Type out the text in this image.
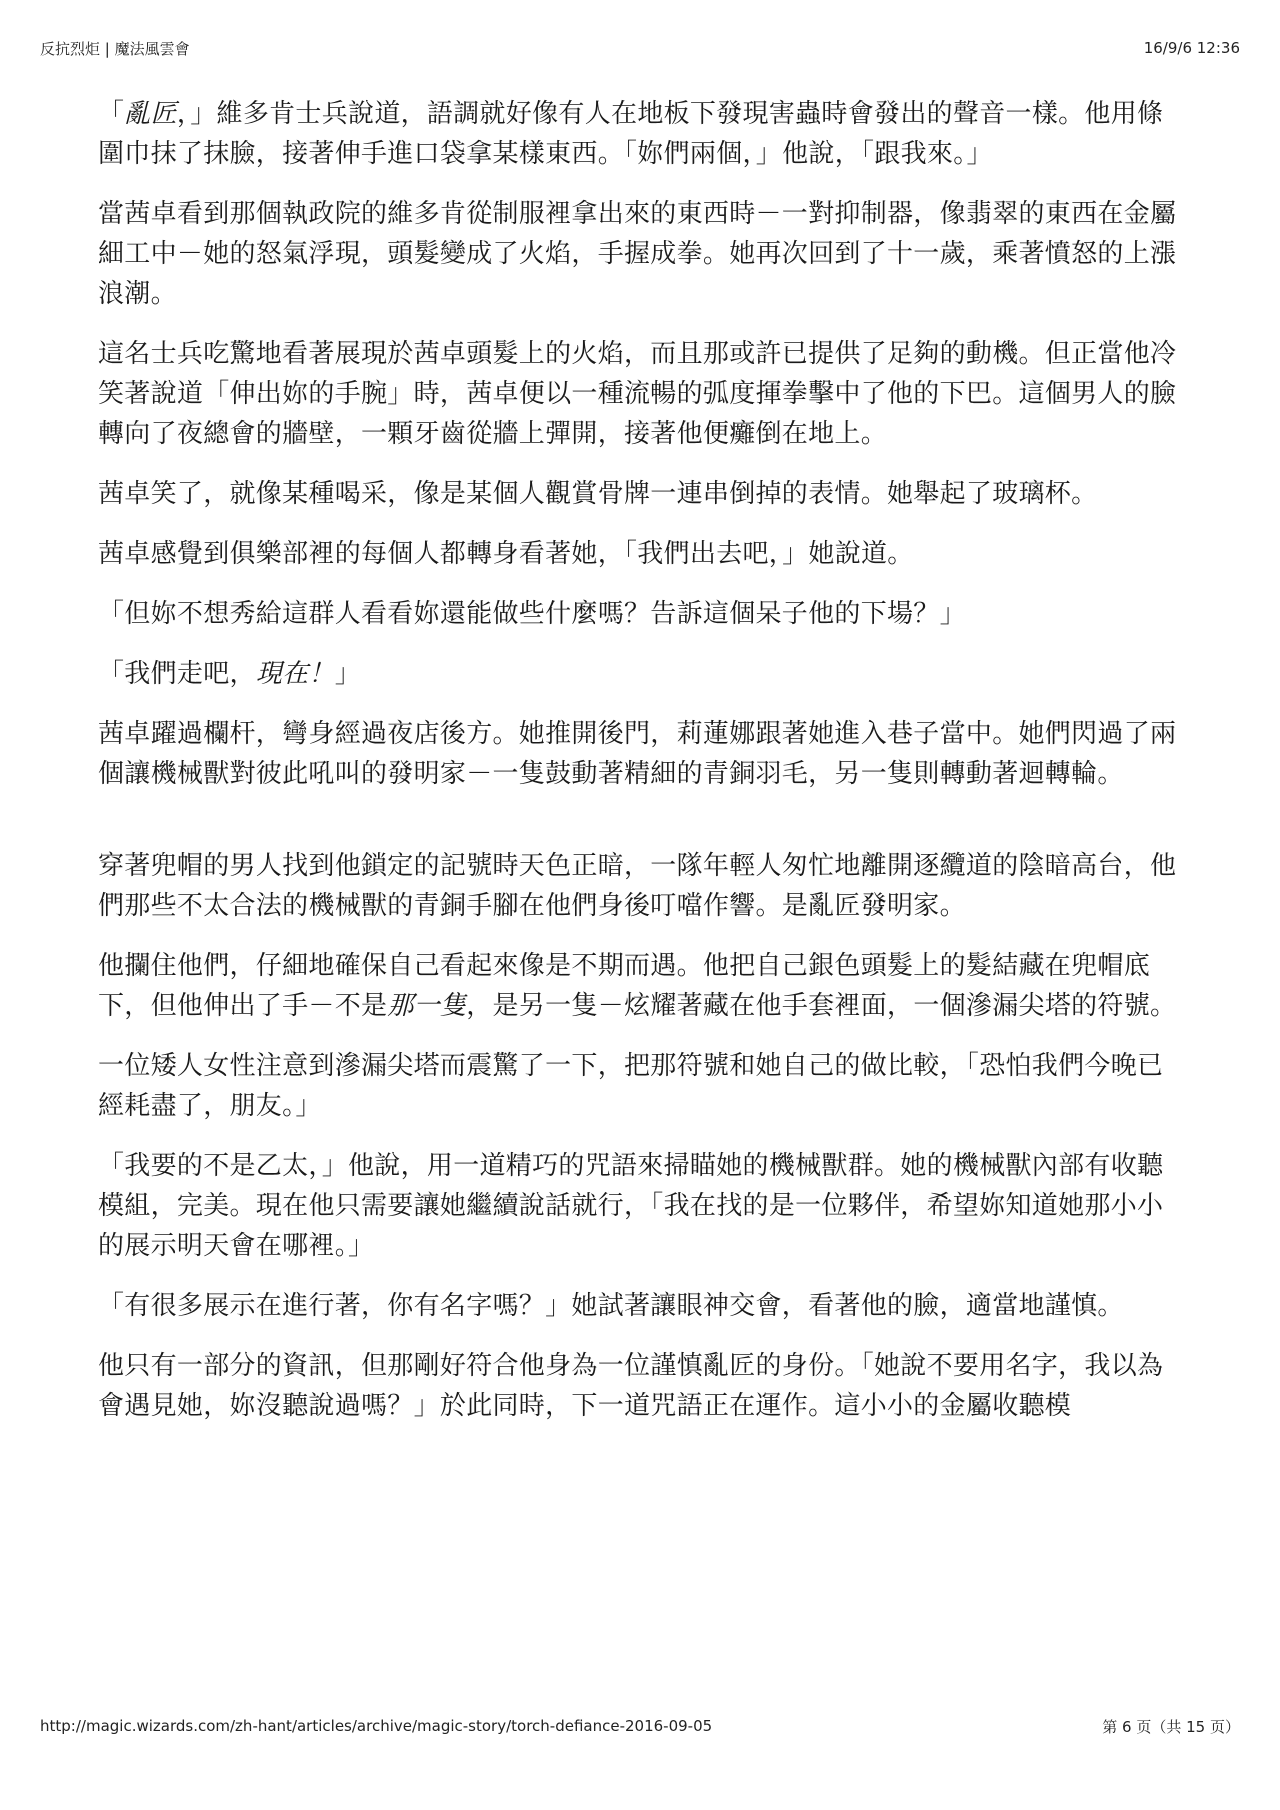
反抗烈炬 | 魔法風雲會	16/9/6 12:36

「亂匠，」維多肯士兵說道，語調就好像有人在地板下發現害蟲時會發出的聲音一樣。他用條圍巾抹了抹臉，接著伸手進口袋拿某樣東西。「妳們兩個，」他說，「跟我來。」

當茜卓看到那個執政院的維多肯從制服裡拿出來的東西時－一對抑制器，像翡翠的東西在金屬細工中－她的怒氣浮現，頭髮變成了火焰，手握成拳。她再次回到了十一歲，乘著憤怒的上漲浪潮。

這名士兵吃驚地看著展現於茜卓頭髮上的火焰，而且那或許已提供了足夠的動機。但正當他冷笑著說道「伸出妳的手腕」時，茜卓便以一種流暢的弧度揮拳擊中了他的下巴。這個男人的臉轉向了夜總會的牆壁，一顆牙齒從牆上彈開，接著他便癱倒在地上。

茜卓笑了，就像某種喝采，像是某個人觀賞骨牌一連串倒掉的表情。她舉起了玻璃杯。

茜卓感覺到俱樂部裡的每個人都轉身看著她，「我們出去吧，」她說道。

「但妳不想秀給這群人看看妳還能做些什麼嗎？告訴這個呆子他的下場？」

「我們走吧，現在！」

茜卓躍過欄杆，彎身經過夜店後方。她推開後門，莉蓮娜跟著她進入巷子當中。她們閃過了兩個讓機械獸對彼此吼叫的發明家－一隻鼓動著精細的青銅羽毛，另一隻則轉動著迴轉輪。

穿著兜帽的男人找到他鎖定的記號時天色正暗，一隊年輕人匆忙地離開逐纜道的陰暗高台，他們那些不太合法的機械獸的青銅手腳在他們身後叮噹作響。是亂匠發明家。

他攔住他們，仔細地確保自己看起來像是不期而遇。他把自己銀色頭髮上的髮結藏在兜帽底下，但他伸出了手－不是那一隻，是另一隻－炫耀著藏在他手套裡面，一個滲漏尖塔的符號。

一位矮人女性注意到滲漏尖塔而震驚了一下，把那符號和她自己的做比較，「恐怕我們今晚已經耗盡了，朋友。」

「我要的不是乙太，」他說，用一道精巧的咒語來掃瞄她的機械獸群。她的機械獸內部有收聽模組，完美。現在他只需要讓她繼續說話就行，「我在找的是一位夥伴，希望妳知道她那小小的展示明天會在哪裡。」

「有很多展示在進行著，你有名字嗎？」她試著讓眼神交會，看著他的臉，適當地謹慎。

他只有一部分的資訊，但那剛好符合他身為一位謹慎亂匠的身份。「她說不要用名字，我以為會遇見她，妳沒聽說過嗎？」於此同時，下一道咒語正在運作。這小小的金屬收聽模

http://magic.wizards.com/zh-hant/articles/archive/magic-story/torch-defiance-2016-09-05	第 6 页（共 15 页）
